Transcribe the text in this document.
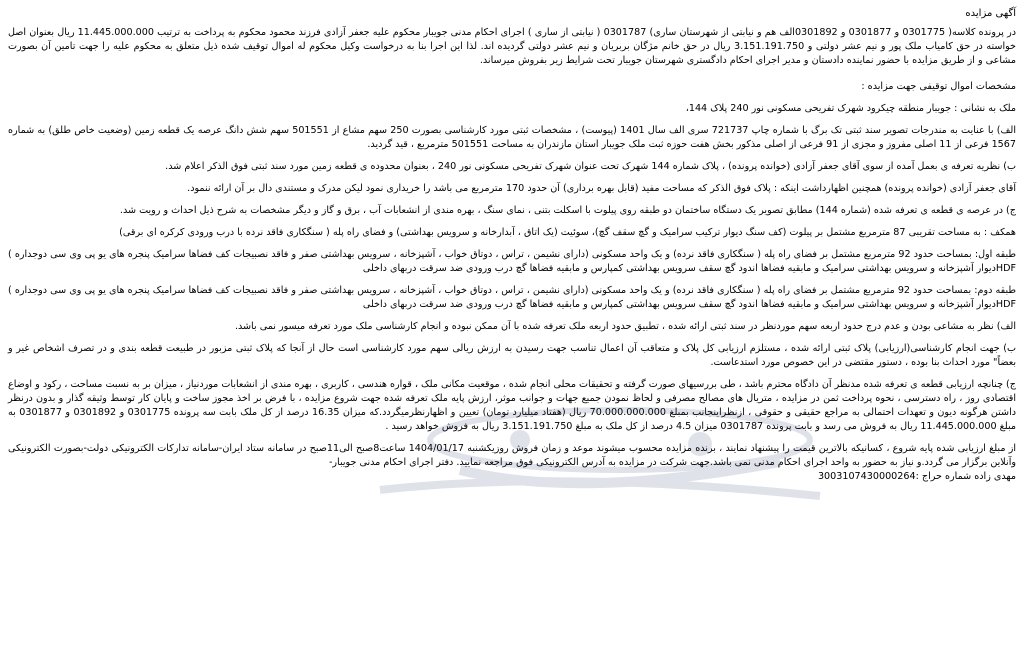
آگهی مزایده

در پرونده کلاسه( 0301775 و 0301877 و 0301892الف هم و نیابتی از شهرستان ساری) 0301787 ( نیابتی از ساری ) اجرای احکام مدنی جویبار محکوم علیه جعفر آزادی فرزند محمود محکوم به پرداخت به ترتیب 11.445.000.000 ریال بعنوان اصل خواسته در حق کامیاب ملک پور و نیم عشر دولتی و 3.151.191.750 ریال در حق خانم مژگان بربریان و نیم عشر دولتی گردیده اند. لذا این اجرا بنا به درخواست وکیل محکوم له اموال توقیف شده ذیل متعلق به محکوم علیه را جهت تامین آن بصورت مشاعی و از طریق مزایده با حضور نماینده دادستان و مدیر اجرای احکام دادگستری شهرستان جویبار تحت شرایط زیر بفروش میرساند.

مشخصات اموال توقیفی جهت مزایده :

ملک به نشانی : جویبار منطقه چیکرود شهرک تفریحی مسکونی نور 240 پلاک 144،

الف) با عنایت به مندرجات تصویر سند ثبتی تک برگ با شماره چاپ 721737 سری الف سال 1401 (پیوست) ، مشخصات ثبتی مورد کارشناسی بصورت 250 سهم مشاع از 501551 سهم شش دانگ عرصه یک قطعه زمین (وضعیت خاص طلق) به شماره 1567 فرعی از 11 اصلی مفروز و مجزی از 91 فرعی از اصلی مذکور بخش هفت حوزه ثبت ملک جویبار استان مازندران به مساحت 501551 مترمربع ، قید گردید.

ب) نظریه تعرفه ی بعمل آمده از سوی آقای جعفر آزادی (خوانده پرونده) ، پلاک شماره 144 شهرک تحت عنوان شهرک تفریحی مسکونی نور 240 ، بعنوان محدوده ی قطعه زمین مورد سند ثبتی فوق الذکر اعلام شد.

آقای جعفر آزادی (خوانده پرونده) همچنین اظهارداشت اینکه : پلاک فوق الذکر که مساحت مفید (قابل بهره برداری) آن حدود 170 مترمربع می باشد را خریداری نمود لیکن مدرک و مستندی دال بر آن ارائه ننمود.

ج) در عرصه ی قطعه ی تعرفه شده (شماره 144) مطابق تصویر یک دستگاه ساختمان دو طبقه روی پیلوت با اسکلت بتنی ، نمای سنگ ، بهره مندی از انشعابات آب ، برق و گاز و دیگر مشخصات به شرح ذیل احداث و رویت شد.

همکف : به مساحت تقریبی 87 مترمربع مشتمل بر پیلوت (کف سنگ دیوار ترکیب سرامیک و گچ سقف گچ)، سوئیت (یک اتاق ، آبدارخانه و سرویس بهداشتی) و فضای راه پله ( سنگکاری فاقد نرده با درب ورودی کرکره ای برقی)

طبقه اول: بمساحت حدود 92 مترمربع مشتمل بر فضای راه پله ( سنگکاری فاقد نرده) و یک واحد مسکونی (دارای نشیمن ، تراس ، دوتاق خواب ، آشپزخانه ، سرویس بهداشتی صفر و فاقد نصبیجات کف فضاها سرامیک پنجره های یو پی وی سی دوجداره ) HDFدیوار آشپزخانه و سرویس بهداشتی سرامیک و مابقیه فضاها اندود گچ سقف سرویس بهداشتی کمپارس و مابقیه فضاها گچ درب ورودی ضد سرقت دربهای داخلی

طبقه دوم: بمساحت حدود 92 مترمربع مشتمل بر فضای راه پله ( سنگکاری فاقد نرده) و یک واحد مسکونی (دارای نشیمن ، تراس ، دوتاق خواب ، آشپزخانه ، سرویس بهداشتی صفر و فاقد نصبیجات کف فضاها سرامیک پنجره های یو پی وی سی دوجداره ) HDFدیوار آشپزخانه و سرویس بهداشتی سرامیک و مابقیه فضاها اندود گچ سقف سرویس بهداشتی کمپارس و مابقیه فضاها گچ درب ورودی ضد سرقت دربهای داخلی

الف) نظر به مشاعی بودن و عدم درج حدود اربعه سهم موردنظر در سند ثبتی ارائه شده ، تطبیق حدود اربعه ملک تعرفه شده با آن ممکن نبوده و انجام کارشناسی ملک مورد تعرفه میسور نمی باشد.

ب) جهت انجام کارشناسی(ارزیابی) پلاک ثبتی ارائه شده ، مستلزم ارزیابی کل پلاک و متعاقب آن اعمال تناسب جهت رسیدن به ارزش ریالی سهم مورد کارشناسی است حال از آنجا که پلاک ثبتی مزبور در طبیعت قطعه بندی و در تصرف اشخاص غیر و بعضاً" مورد احداث بنا بوده ، دستور مقتضی در این خصوص مورد استدعاست.

ج) چنانچه ارزیابی قطعه ی تعرفه شده مدنظر آن دادگاه محترم باشد ، طی بررسیهای صورت گرفته و تحقیقات محلی انجام شده ، موقعیت مکانی ملک ، قواره هندسی ، کاربری ، بهره مندی از انشعابات موردنیاز ، میزان بر به نسبت مساحت ، رکود و اوضاع اقتصادی روز ، راه دسترسی ، نحوه پرداخت ثمن در مزایده ، متریال های مصالح مصرفی و لحاظ نمودن جمیع جهات و جوانب موثر، ارزش پایه ملک تعرفه شده جهت شروع مزایده ، با فرض بر اخذ مجوز ساخت و پایان کار توسط وثیقه گذار و بدون درنظر داشتن هرگونه دیون و تعهدات احتمالی به مراجع حقیقی و حقوقی ، ازنظراینجانب بمبلغ 70.000.000.000 ریال (هفتاد میلیارد تومان) تعیین و اظهارنظرمیگردد.که میزان 16.35 درصد از کل ملک بابت سه پرونده 0301775 و 0301892 و 0301877 به مبلغ 11.445.000.000 ریال به فروش می رسد و بابت پرونده 0301787 میزان 4.5 درصد از کل ملک به مبلغ 3.151.191.750 ریال به فروش خواهد رسید .

از مبلغ ارزیابی شده پایه شروع ، کسانیکه بالاترین قیمت را پیشنهاد نمایند ، برنده مزایده محسوب میشوند موعد و زمان فروش روزیکشنبه 1404/01/17 ساعت8صبح الی11صبح در سامانه ستاد ایران-سامانه تدارکات الکترونیکی دولت-بصورت الکترونیکی وآنلاین برگزار می گردد.و نیاز به حضور به واحد اجرای احکام مدنی نمی باشد.جهت شرکت در مزایده به آدرس الکترونیکی فوق مراجعه نمایید. دفتر اجرای احکام مدنی جویبار-

مهدی زاده شماره حراج :3003107430000264
